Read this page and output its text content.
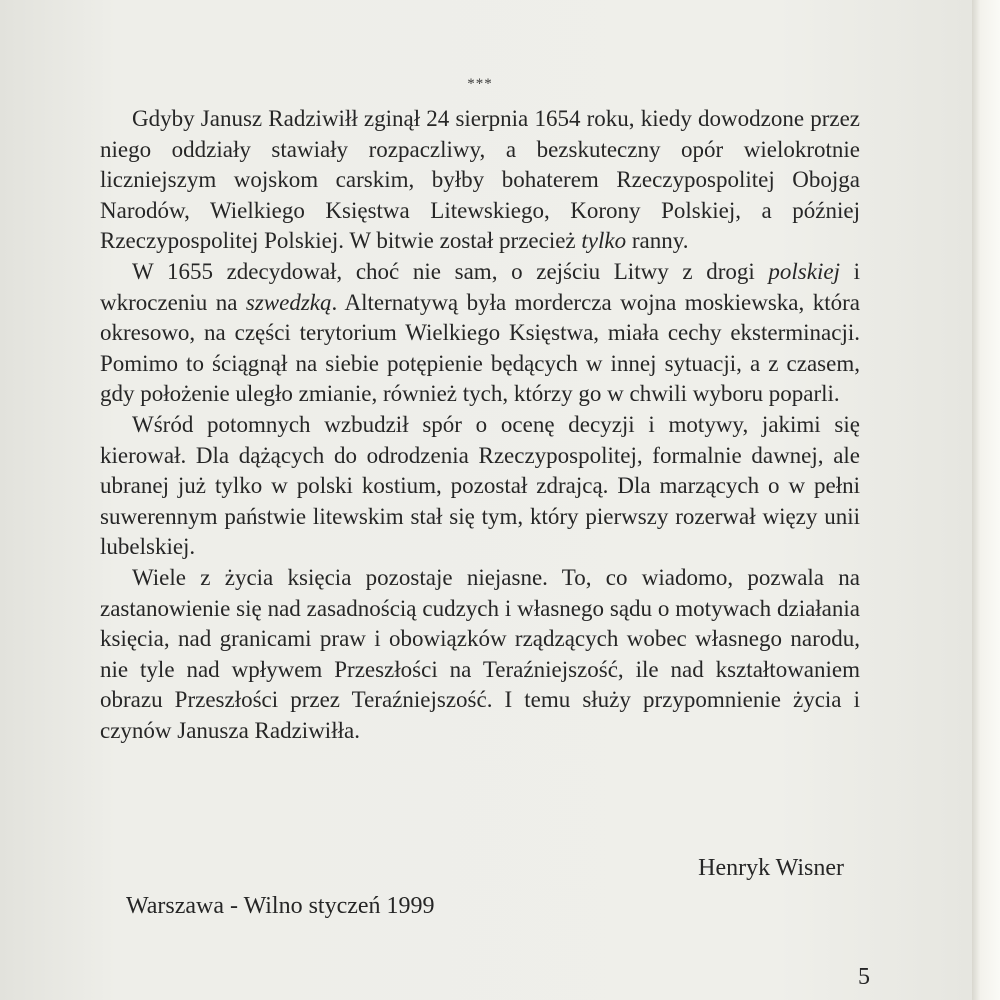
***

Gdyby Janusz Radziwiłł zginął 24 sierpnia 1654 roku, kiedy dowodzone przez niego oddziały stawiały rozpaczliwy, a bezskuteczny opór wielokrotnie liczniejszym wojskom carskim, byłby bohaterem Rzeczypospolitej Obojga Narodów, Wielkiego Księstwa Litewskiego, Korony Polskiej, a później Rzeczypospolitej Polskiej. W bitwie został przecież tylko ranny.

W 1655 zdecydował, choć nie sam, o zejściu Litwy z drogi polskiej i wkroczeniu na szwedzką. Alternatywą była mordercza wojna moskiewska, która okresowo, na części terytorium Wielkiego Księstwa, miała cechy eksterminacji. Pomimo to ściągnął na siebie potępienie będących w innej sytuacji, a z czasem, gdy położenie uległo zmianie, również tych, którzy go w chwili wyboru poparli.

Wśród potomnych wzbudził spór o ocenę decyzji i motywy, jakimi się kierował. Dla dążących do odrodzenia Rzeczypospolitej, formalnie dawnej, ale ubranej już tylko w polski kostium, pozostał zdrajcą. Dla marzących o w pełni suwerennym państwie litewskim stał się tym, który pierwszy rozerwał więzy unii lubelskiej.

Wiele z życia księcia pozostaje niejasne. To, co wiadomo, pozwala na zastanowienie się nad zasadnością cudzych i własnego sądu o motywach działania księcia, nad granicami praw i obowiązków rządzących wobec własnego narodu, nie tyle nad wpływem Przeszłości na Teraźniejszość, ile nad kształtowaniem obrazu Przeszłości przez Teraźniejszość. I temu służy przypomnienie życia i czynów Janusza Radziwiłła.

Henryk Wisner
Warszawa - Wilno styczeń 1999
5
